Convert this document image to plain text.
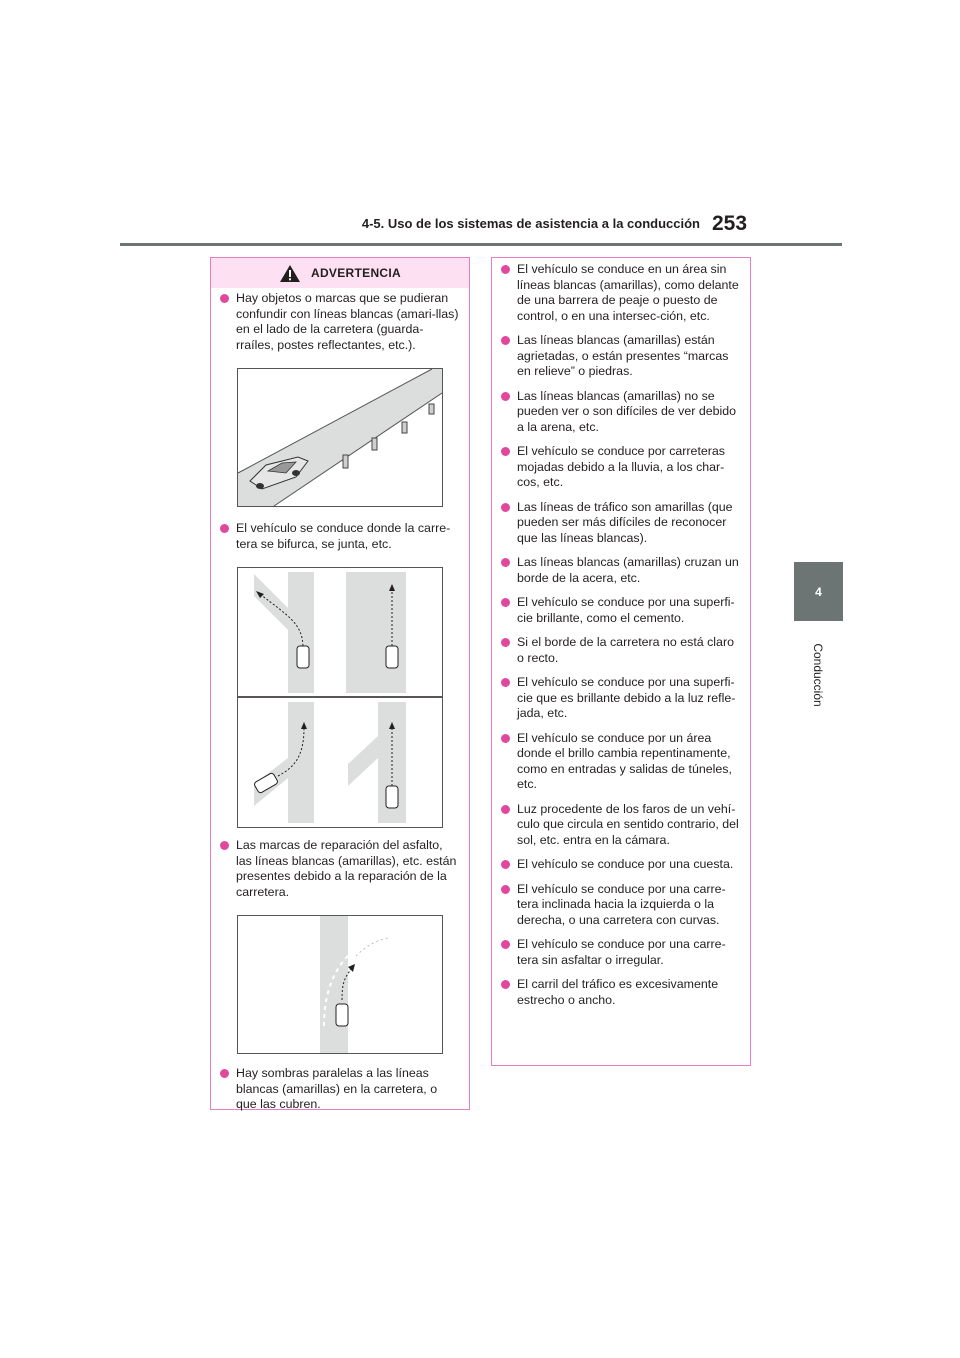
4-5. Uso de los sistemas de asistencia a la conducción 253
4
Conducción
ADVERTENCIA
Hay objetos o marcas que se pudieran confundir con líneas blancas (amari-llas) en el lado de la carretera (guarda-rraíles, postes reflectantes, etc.).
El vehículo se conduce donde la carre-tera se bifurca, se junta, etc.
Las marcas de reparación del asfalto, las líneas blancas (amarillas), etc. están presentes debido a la reparación de la carretera.
Hay sombras paralelas a las líneas blancas (amarillas) en la carretera, o que las cubren.
El vehículo se conduce en un área sin líneas blancas (amarillas), como delante de una barrera de peaje o puesto de control, o en una intersec-ción, etc.
Las líneas blancas (amarillas) están agrietadas, o están presentes “marcas en relieve” o piedras.
Las líneas blancas (amarillas) no se pueden ver o son difíciles de ver debido a la arena, etc.
El vehículo se conduce por carreteras mojadas debido a la lluvia, a los char-cos, etc.
Las líneas de tráfico son amarillas (que pueden ser más difíciles de reconocer que las líneas blancas).
Las líneas blancas (amarillas) cruzan un borde de la acera, etc.
El vehículo se conduce por una superfi-cie brillante, como el cemento.
Si el borde de la carretera no está claro o recto.
El vehículo se conduce por una superfi-cie que es brillante debido a la luz refle-jada, etc.
El vehículo se conduce por un área donde el brillo cambia repentinamente, como en entradas y salidas de túneles, etc.
Luz procedente de los faros de un vehí-culo que circula en sentido contrario, del sol, etc. entra en la cámara.
El vehículo se conduce por una cuesta.
El vehículo se conduce por una carre-tera inclinada hacia la izquierda o la derecha, o una carretera con curvas.
El vehículo se conduce por una carre-tera sin asfaltar o irregular.
El carril del tráfico es excesivamente estrecho o ancho.
